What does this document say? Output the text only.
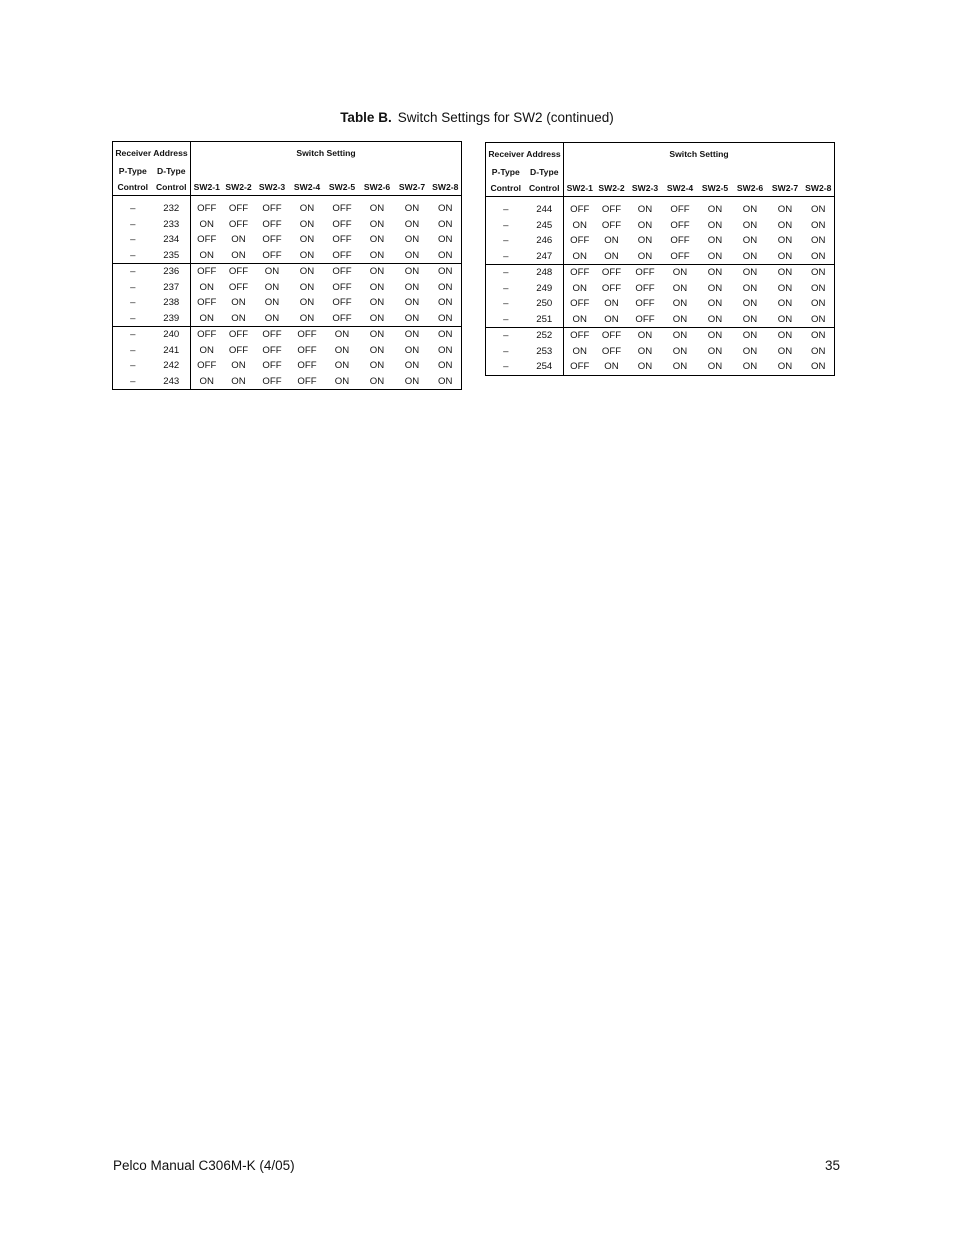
Table B. Switch Settings for SW2 (continued)
Receiver Address		Switch Setting							
P-Type	D-Type								
Control	Control	SW2-1	SW2-2	SW2-3	SW2-4	SW2-5	SW2-6	SW2-7	SW2-8

–	232	OFF	OFF	OFF	ON	OFF	ON	ON	ON
–	233	ON	OFF	OFF	ON	OFF	ON	ON	ON
–	234	OFF	ON	OFF	ON	OFF	ON	ON	ON
–	235	ON	ON	OFF	ON	OFF	ON	ON	ON
–	236	OFF	OFF	ON	ON	OFF	ON	ON	ON
–	237	ON	OFF	ON	ON	OFF	ON	ON	ON
–	238	OFF	ON	ON	ON	OFF	ON	ON	ON
–	239	ON	ON	ON	ON	OFF	ON	ON	ON
–	240	OFF	OFF	OFF	OFF	ON	ON	ON	ON
–	241	ON	OFF	OFF	OFF	ON	ON	ON	ON
–	242	OFF	ON	OFF	OFF	ON	ON	ON	ON
–	243	ON	ON	OFF	OFF	ON	ON	ON	ON
Receiver Address		Switch Setting							
P-Type	D-Type								
Control	Control	SW2-1	SW2-2	SW2-3	SW2-4	SW2-5	SW2-6	SW2-7	SW2-8

–	244	OFF	OFF	ON	OFF	ON	ON	ON	ON
–	245	ON	OFF	ON	OFF	ON	ON	ON	ON
–	246	OFF	ON	ON	OFF	ON	ON	ON	ON
–	247	ON	ON	ON	OFF	ON	ON	ON	ON
–	248	OFF	OFF	OFF	ON	ON	ON	ON	ON
–	249	ON	OFF	OFF	ON	ON	ON	ON	ON
–	250	OFF	ON	OFF	ON	ON	ON	ON	ON
–	251	ON	ON	OFF	ON	ON	ON	ON	ON
–	252	OFF	OFF	ON	ON	ON	ON	ON	ON
–	253	ON	OFF	ON	ON	ON	ON	ON	ON
–	254	OFF	ON	ON	ON	ON	ON	ON	ON
Pelco Manual C306M-K (4/05)	35
